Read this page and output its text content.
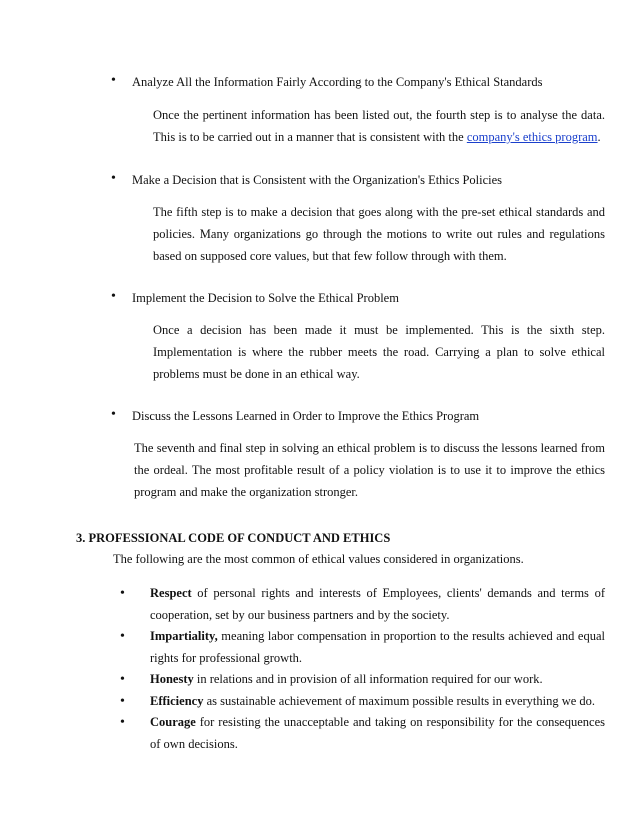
• Analyze All the Information Fairly According to the Company's Ethical Standards
Once the pertinent information has been listed out, the fourth step is to analyse the data. This is to be carried out in a manner that is consistent with the company's ethics program.
• Make a Decision that is Consistent with the Organization's Ethics Policies
The fifth step is to make a decision that goes along with the pre-set ethical standards and policies. Many organizations go through the motions to write out rules and regulations based on supposed core values, but that few follow through with them.
• Implement the Decision to Solve the Ethical Problem
Once a decision has been made it must be implemented. This is the sixth step. Implementation is where the rubber meets the road. Carrying a plan to solve ethical problems must be done in an ethical way.
• Discuss the Lessons Learned in Order to Improve the Ethics Program
The seventh and final step in solving an ethical problem is to discuss the lessons learned from the ordeal. The most profitable result of a policy violation is to use it to improve the ethics program and make the organization stronger.
3. PROFESSIONAL CODE OF CONDUCT AND ETHICS
The following are the most common of ethical values considered in organizations.
• Respect of personal rights and interests of Employees, clients' demands and terms of cooperation, set by our business partners and by the society.
• Impartiality, meaning labor compensation in proportion to the results achieved and equal rights for professional growth.
• Honesty in relations and in provision of all information required for our work.
• Efficiency as sustainable achievement of maximum possible results in everything we do.
• Courage for resisting the unacceptable and taking on responsibility for the consequences of own decisions.
